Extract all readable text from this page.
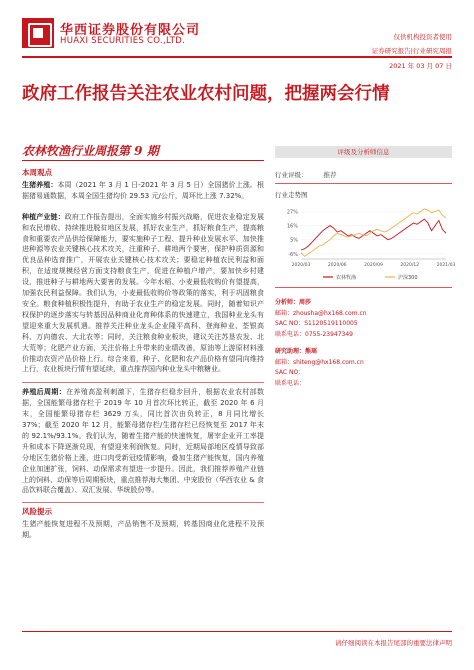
华西证券股份有限公司
HUAXI SECURITIES CO.,LTD.	仅供机构投资者使用
证券研究报告|行业研究周报
2021 年 03 月 07 日
政府工作报告关注农业农村问题，把握两会行情
农林牧渔行业周报第 9 期
本周观点
生猪养殖：本周（2021 年 3 月 1 日-2021 年 3 月 5 日）全国猪价上涨。根据猪易通数据，本周全国生猪均价 29.53 元/公斤，周环比上涨 7.32%。
种植产业链：政府工作报告提出，全面实施乡村振兴战略，促进农业稳定发展和农民增收。持续推进脱贫地区发展，抓好农业生产，抓好粮食生产，提高粮食和重要农产品供给保障能力，要实施种子工程、提升种业发展水平、加快推进种源等农业关键核心技术攻关，注重种子、耕地两个要害，保护种质资源和优良品种选育推广，开展农业关键核心技术攻关；要稳定种植农民利益和面积，在适度规模经营方面支持粮食生产，促进在种植户增产，要加快乡村建设，推进种子与耕地两大要害的发展。今年水稻、小麦最低收购价有望提高，加强农民利益保障。我们认为，小麦最低收购价等政策的落实，利于巩固粮食安全。粮食种植积极性提升，有助于农业生产的稳定发展。同时，随着知识产权保护的逐步落实与转基因品种商业化育种体系的快速建立，我国种业龙头有望迎来重大发展机遇。推荐关注种业龙头企业隆平高科、登海种业、荃银高科、万向德农、大北农等；同时，关注粮食种业板块，建议关注苏垦农发、北大荒等；化肥产业方面，关注价格上升带来的业绩改善，原油等上游原材料涨价推动农资产品价格上行。综合来看，种子、化肥和农产品价格有望同向维持上行，农业板块行情有望延续，重点推荐国内种业龙头中粮糖业。
养殖后周期：在养殖高盈利刺激下，生猪存栏稳步回升，根据农业农村部数据，全国能繁母猪存栏于 2019 年 10 月首次环比转正，截至 2020 年 6 月末，全国能繁母猪存栏 3629 万头，同比首次由负转正，8 月同比增长 37%；截至 2020 年 12 月，能繁母猪存栏/生猪存栏已经恢复至 2017 年末的 92.1%/93.1%。我们认为，随着生猪产能的快速恢复，屠宰企业开工率提升和成本下降逐渐兑现，有望迎来利润恢复。同时，近期局部地区疫情导致部分地区生猪价格上涨，进口肉受新冠疫情影响，叠加生猪产能恢复，国内养殖企业加速扩张，饲料、动保需求有望进一步提升。因此，我们推荐养殖产业链上的饲料、动保等后周期板块，重点推荐海大集团、中宠股份（华西农业 & 食品饮料联合覆盖）、双汇发展、华统股份等。
风险提示
生猪产能恢复进程不及预期，产品销售不及预期，转基因商业化进程不及预期。
评级及分析师信息
行业评级： 推荐
行业走势图
27%
16%
5%
-6%
2020/03	2020/06	2020/09	2020/12	2021/03
农林牧渔	沪深300
分析师：周莎
邮箱：zhousha@hx168.com.cn
SAC NO：S1120519110005
联系电话：0755-23947349
研究助理：熊瑶
邮箱：shiteng@hx168.com.cn
SAC NO：
联系电话：
请仔细阅读在本报告尾部的重要法律声明
